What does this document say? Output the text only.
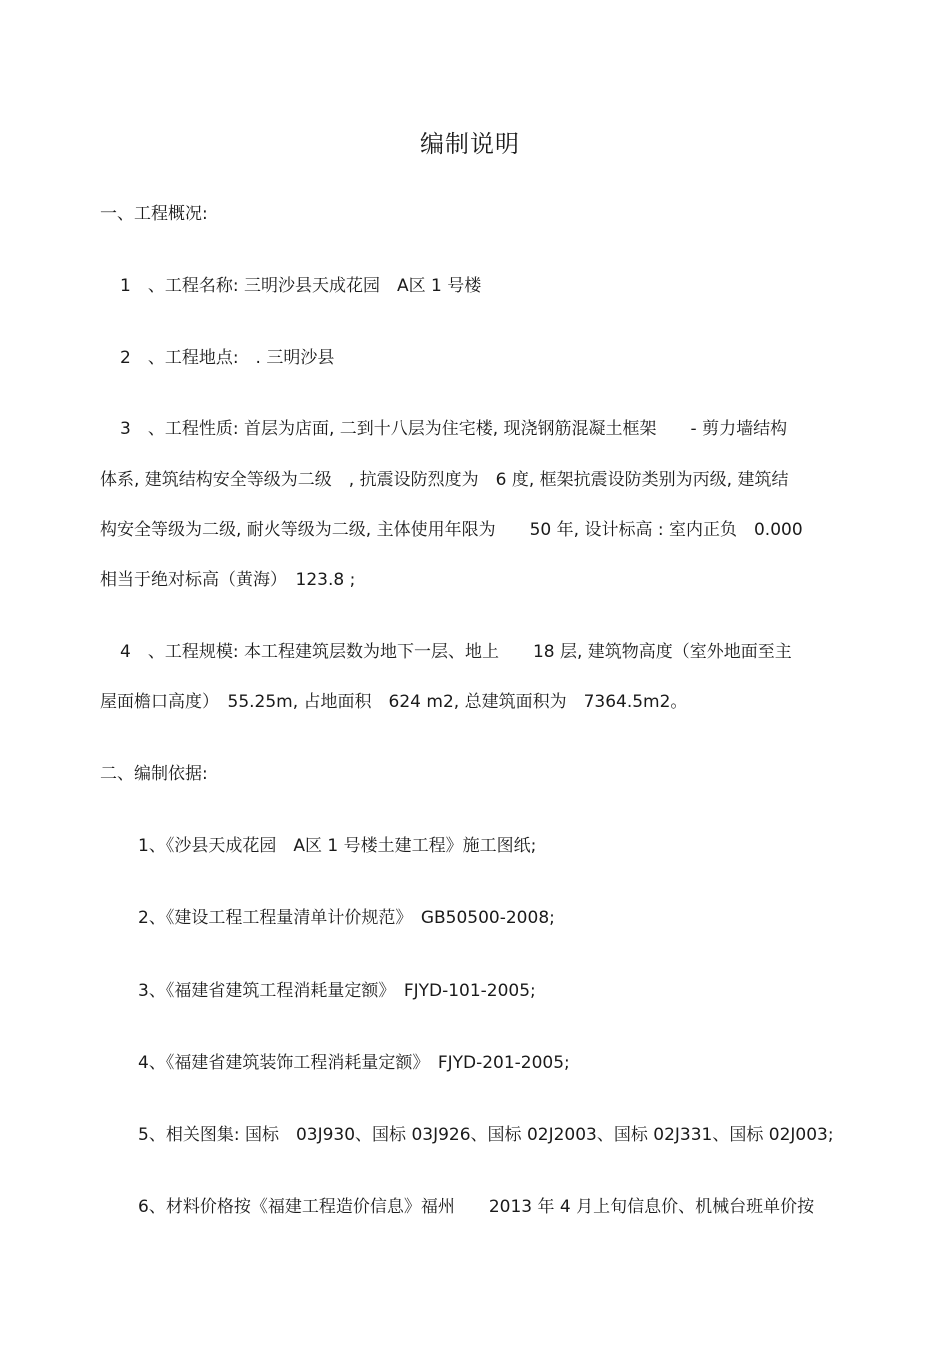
编制说明
一、工程概况:
1　、工程名称: 三明沙县天成花园　A区 1 号楼
2　、工程地点:　. 三明沙县
3　、工程性质: 首层为店面, 二到十八层为住宅楼, 现浇钢筋混凝土框架　　- 剪力墙结构
体系, 建筑结构安全等级为二级　, 抗震设防烈度为　6 度, 框架抗震设防类别为丙级, 建筑结
构安全等级为二级, 耐火等级为二级, 主体使用年限为　　50 年, 设计标高 : 室内正负　0.000
相当于绝对标高（黄海）　123.8 ;
4　、工程规模: 本工程建筑层数为地下一层、地上　　18 层, 建筑物高度（室外地面至主
屋面檐口高度）　55.25m, 占地面积　624 m2, 总建筑面积为　7364.5m2。
二、编制依据:
1、《沙县天成花园　A区 1 号楼土建工程》施工图纸;
2、《建设工程工程量清单计价规范》　GB50500-2008;
3、《福建省建筑工程消耗量定额》　FJYD-101-2005;
4、《福建省建筑装饰工程消耗量定额》　FJYD-201-2005;
5、相关图集: 国标　03J930、国标 03J926、国标 02J2003、国标 02J331、国标 02J003;
6、材料价格按《福建工程造价信息》福州　　2013 年 4 月上旬信息价、机械台班单价按
